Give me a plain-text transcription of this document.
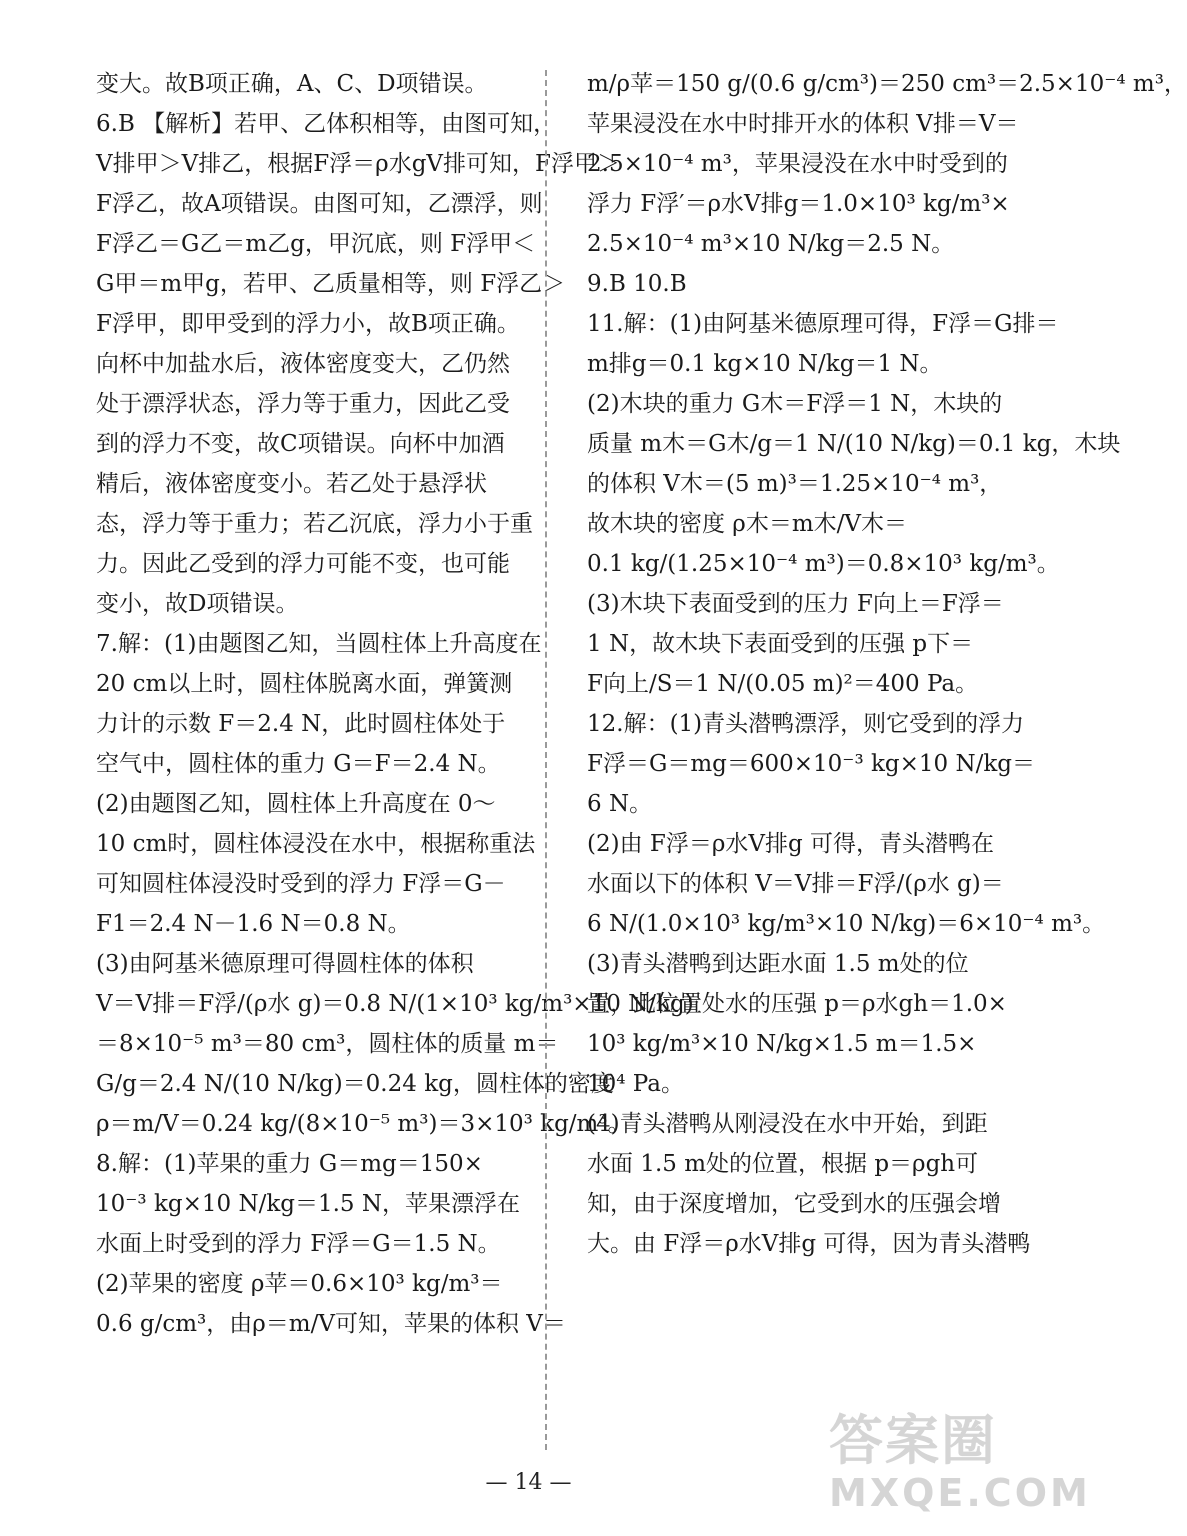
变大。故B项正确，A、C、D项错误。

6.B 【解析】若甲、乙体积相等，由图可知，

V排甲＞V排乙，根据F浮＝ρ水gV排可知，F浮甲＞

F浮乙，故A项错误。由图可知，乙漂浮，则

F浮乙＝G乙＝m乙g，甲沉底，则 F浮甲＜

G甲＝m甲g，若甲、乙质量相等，则 F浮乙＞

F浮甲，即甲受到的浮力小，故B项正确。

向杯中加盐水后，液体密度变大，乙仍然

处于漂浮状态，浮力等于重力，因此乙受

到的浮力不变，故C项错误。向杯中加酒

精后，液体密度变小。若乙处于悬浮状

态，浮力等于重力；若乙沉底，浮力小于重

力。因此乙受到的浮力可能不变，也可能

变小，故D项错误。

7.解：(1)由题图乙知，当圆柱体上升高度在

20 cm以上时，圆柱体脱离水面，弹簧测

力计的示数 F＝2.4 N，此时圆柱体处于

空气中，圆柱体的重力 G＝F＝2.4 N。

(2)由题图乙知，圆柱体上升高度在 0～

10 cm时，圆柱体浸没在水中，根据称重法

可知圆柱体浸没时受到的浮力 F浮＝G－

F1＝2.4 N－1.6 N＝0.8 N。

(3)由阿基米德原理可得圆柱体的体积

V＝V排＝F浮/(ρ水 g)＝0.8 N/(1×10³ kg/m³×10 N/kg)

＝8×10⁻⁵ m³＝80 cm³，圆柱体的质量 m＝

G/g＝2.4 N/(10 N/kg)＝0.24 kg，圆柱体的密度

ρ＝m/V＝0.24 kg/(8×10⁻⁵ m³)＝3×10³ kg/m³。

8.解：(1)苹果的重力 G＝mg＝150×

10⁻³ kg×10 N/kg＝1.5 N，苹果漂浮在

水面上时受到的浮力 F浮＝G＝1.5 N。

(2)苹果的密度 ρ苹＝0.6×10³ kg/m³＝

0.6 g/cm³，由ρ＝m/V可知，苹果的体积 V＝

m/ρ苹＝150 g/(0.6 g/cm³)＝250 cm³＝2.5×10⁻⁴ m³，

苹果浸没在水中时排开水的体积 V排＝V＝

2.5×10⁻⁴ m³，苹果浸没在水中时受到的

浮力 F浮′＝ρ水V排g＝1.0×10³ kg/m³×

2.5×10⁻⁴ m³×10 N/kg＝2.5 N。

9.B 10.B

11.解：(1)由阿基米德原理可得，F浮＝G排＝

m排g＝0.1 kg×10 N/kg＝1 N。

(2)木块的重力 G木＝F浮＝1 N，木块的

质量 m木＝G木/g＝1 N/(10 N/kg)＝0.1 kg，木块

的体积 V木＝(5 m)³＝1.25×10⁻⁴ m³，

故木块的密度 ρ木＝m木/V木＝

0.1 kg/(1.25×10⁻⁴ m³)＝0.8×10³ kg/m³。

(3)木块下表面受到的压力 F向上＝F浮＝

1 N，故木块下表面受到的压强 p下＝

F向上/S＝1 N/(0.05 m)²＝400 Pa。

12.解：(1)青头潜鸭漂浮，则它受到的浮力

F浮＝G＝mg＝600×10⁻³ kg×10 N/kg＝

6 N。

(2)由 F浮＝ρ水V排g 可得，青头潜鸭在

水面以下的体积 V＝V排＝F浮/(ρ水 g)＝

6 N/(1.0×10³ kg/m³×10 N/kg)＝6×10⁻⁴ m³。

(3)青头潜鸭到达距水面 1.5 m处的位

置，此位置处水的压强 p＝ρ水gh＝1.0×

10³ kg/m³×10 N/kg×1.5 m＝1.5×

10⁴ Pa。

(4)青头潜鸭从刚浸没在水中开始，到距

水面 1.5 m处的位置，根据 p＝ρgh可

知，由于深度增加，它受到水的压强会增

大。由 F浮＝ρ水V排g 可得，因为青头潜鸭

— 14 —
答案圈
MXQE.COM
